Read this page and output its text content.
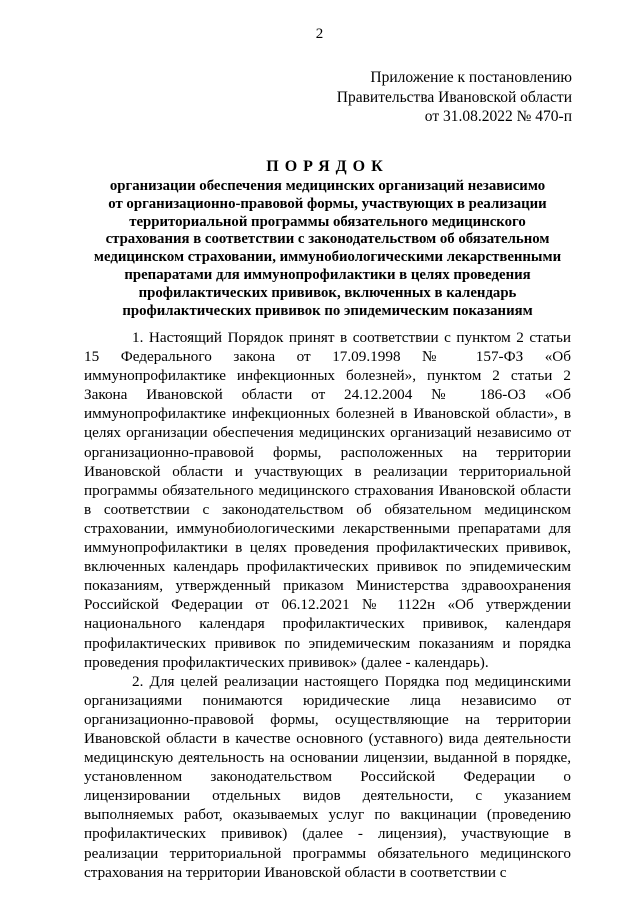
2
Приложение к постановлению
Правительства Ивановской области
от 31.08.2022 № 470-п
ПОРЯДОК
организации обеспечения медицинских организаций независимо
от организационно-правовой формы, участвующих в реализации
территориальной программы обязательного медицинского
страхования в соответствии с законодательством об обязательном
медицинском страховании, иммунобиологическими лекарственными
препаратами для иммунопрофилактики в целях проведения
профилактических прививок, включенных в календарь
профилактических прививок по эпидемическим показаниям

1. Настоящий Порядок принят в соответствии с пунктом 2 статьи 15 Федерального закона от 17.09.1998 № 157-ФЗ «Об иммунопрофилактике инфекционных болезней», пунктом 2 статьи 2 Закона Ивановской области от 24.12.2004 № 186-ОЗ «Об иммунопрофилактике инфекционных болезней в Ивановской области», в целях организации обеспечения медицинских организаций независимо от организационно-правовой формы, расположенных на территории Ивановской области и участвующих в реализации территориальной программы обязательного медицинского страхования Ивановской области в соответствии с законодательством об обязательном медицинском страховании, иммунобиологическими лекарственными препаратами для иммунопрофилактики в целях проведения профилактических прививок, включенных календарь профилактических прививок по эпидемическим показаниям, утвержденный приказом Министерства здравоохранения Российской Федерации от 06.12.2021 № 1122н «Об утверждении национального календаря профилактических прививок, календаря профилактических прививок по эпидемическим показаниям и порядка проведения профилактических прививок» (далее - календарь).

2. Для целей реализации настоящего Порядка под медицинскими организациями понимаются юридические лица независимо от организационно-правовой формы, осуществляющие на территории Ивановской области в качестве основного (уставного) вида деятельности медицинскую деятельность на основании лицензии, выданной в порядке, установленном законодательством Российской Федерации о лицензировании отдельных видов деятельности, с указанием выполняемых работ, оказываемых услуг по вакцинации (проведению профилактических прививок) (далее - лицензия), участвующие в реализации территориальной программы обязательного медицинского страхования на территории Ивановской области в соответствии с
